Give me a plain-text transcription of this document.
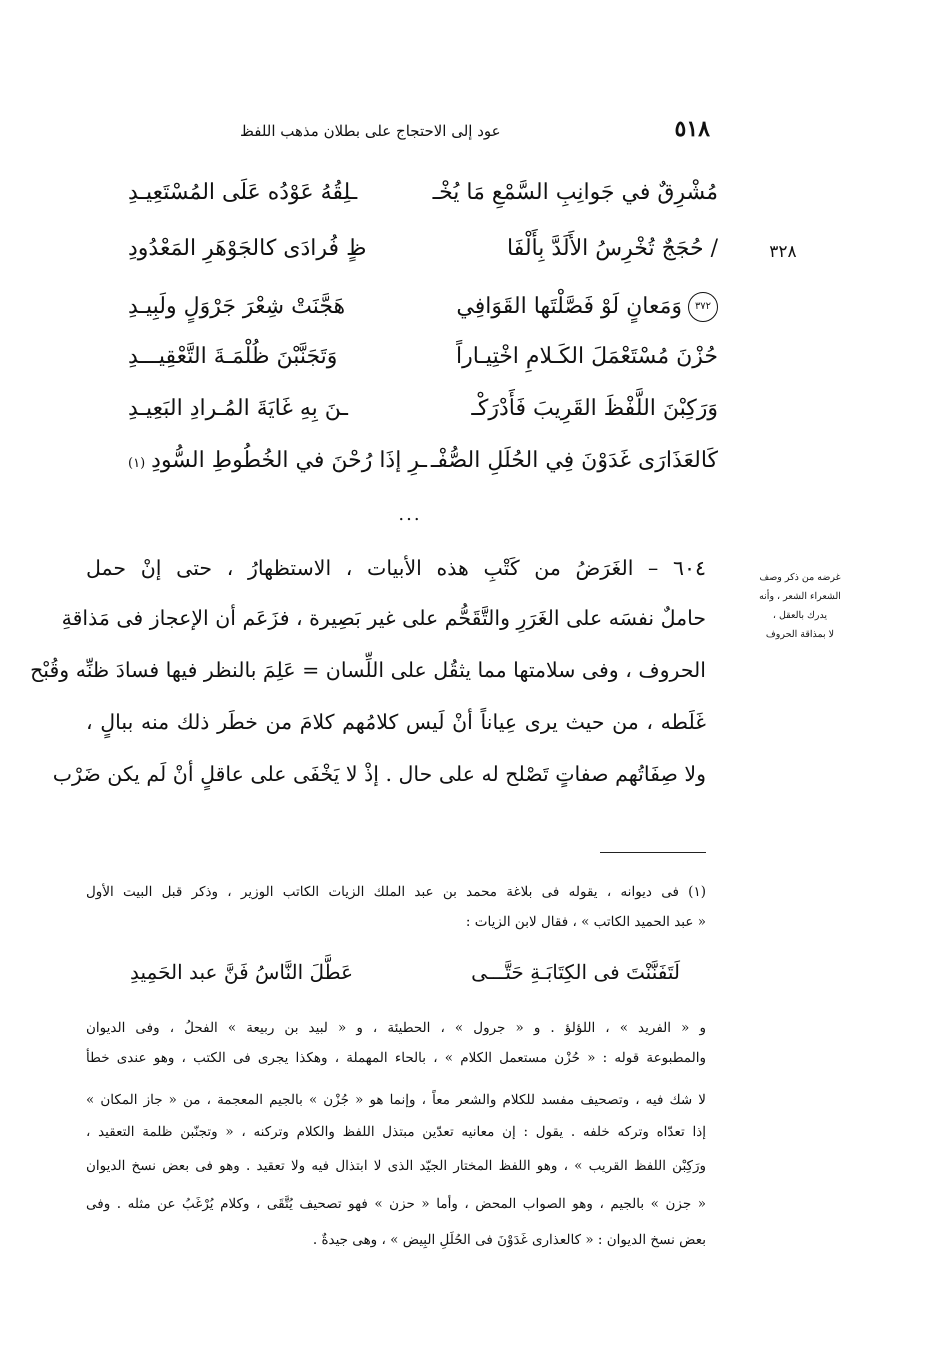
٥١٨
عود إلى الاحتجاج على بطلان مذهب اللفظ
٣٢٨
مُشْرِقٌ في جَوانِبِ السَّمْعِ مَا يُخْـ
ـلِقُهُ عَوْدُه عَلَى المُسْتَعِيـدِ
/ حُجَجٌ تُخْرِسُ الأَلَدَّ بِأَلْفَا
ظٍ فُرادَى كالجَوْهَرِ المَعْدُودِ
٣٧٢وَمَعانٍ لَوْ فَصَّلْتَها القَوَافِي
هَجَّنَتْ شِعْرَ جَرْوَلٍ ولَبِيـدِ
حُزْنَ مُسْتَعْمَلَ الكَـلامِ اخْتِيـاراً
وَتَجَنَّبْنَ ظُلْمَـةَ التَّعْقِيـــدِ
وَرَكِبْنَ اللَّفْظَ القَرِيبَ فَأَدْرَكْـ
ـنَ بِهِ غَايَةَ المُـرادِ البَعِيـدِ
كَالعَذَارَى غَدَوْنَ فِي الحُلَلِ الصُّفْـ
ـرِ إذَا رُحْنَ في الخُطُوطِ السُّودِ(١)
...
غرضه من ذكر وصف
الشعراء الشعر ، وأنه
يدرك بالعقل ،
لا بمذاقة الحروف
٦٠٤ – الغَرَضُ من كَتْبِ هذه الأبيات ، الاستظهارُ ، حتى إنْ حمل
حاملٌ نفسَه على الغَرَرِ والتَّقَحُّم على غير بَصِيرة ، فزَعَم أن الإعجاز فى مَذاقةِ
الحروف ، وفى سلامتها مما يثقُل على اللِّسان = عَلِمَ بالنظر فيها فسادَ ظنِّه وقُبْح
غَلَطه ، من حيث يرى عِياناً أنْ لَيس كلامُهم كلامَ من خطَر ذلك منه ببالٍ ،
ولا صِفَاتُهم صفاتٍ تَصْلح له على حال . إذْ لا يَخْفَى على عاقلٍ أنْ لَم يكن ضَرْب
(١) فى ديوانه ، يقوله فى بلاغة محمد بن عبد الملك الزيات الكاتب الوزير ، وذكر قبل البيت الأول
« عبد الحميد الكاتب » ، فقال لابن الزيات :
لَتَفَنَّنْتَ فى الكِتَابَـةِ حَتَّـــى
عَطَّلَ النَّاسُ فَنَّ عبد الحَمِيدِ
و « الفريد » ، اللؤلؤ . و « جرول » ، الحطيئة ، و « لبيد بن ربيعة » الفحلُ ، وفى الديوان
والمطبوعة قوله : « حُزْن مستعمل الكلام » ، بالحاء المهملة ، وهكذا يجرى فى الكتب ، وهو عندى خطأ
لا شك فيه ، وتصحيف مفسد للكلام والشعر معاً ، وإنما هو « جُزْن » بالجيم المعجمة ، من « جاز المكان »
إذا تعدّاه وتركه خلفه . يقول : إن معانيه تعدّين مبتذل اللفظ والكلام وتركنه ، « وتجنّبن ظلمة التعقيد ،
ورَكِبْن اللفظ القريب » ، وهو اللفظ المختار الجيّد الذى لا ابتذال فيه ولا تعقيد . وهو فى بعض نسخ الديوان
« جزن » بالجيم ، وهو الصواب المحض ، وأما « حزن » فهو تصحيف يُتَّقَى ، وكلام يُرْغَبُ عن مثله . وفى
بعض نسخ الديوان : « كالعذارى غَدَوْنَ فى الحُلَلِ البِيض » ، وهى جيدةٌ .
